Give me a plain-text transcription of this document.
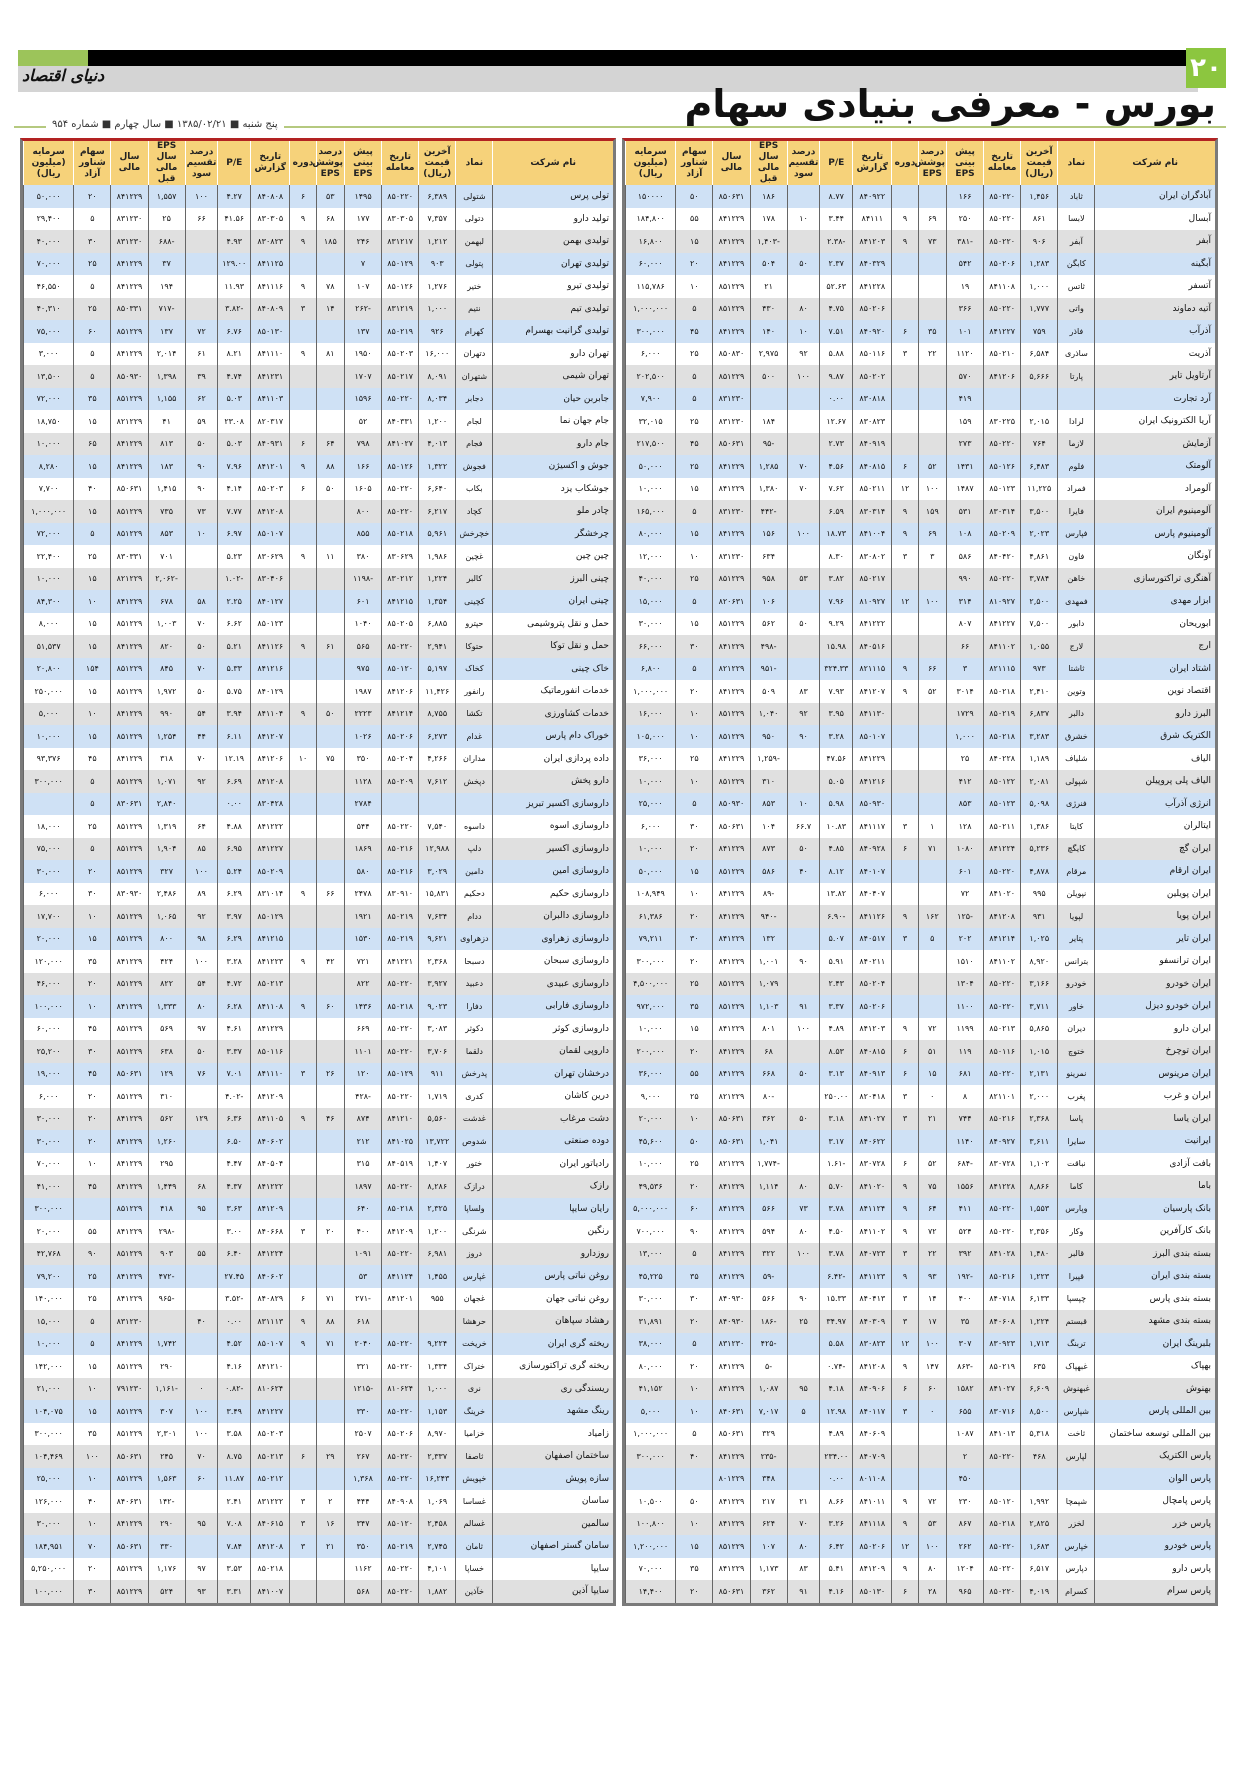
۲۰
دنیای اقتصاد
بورس - معرفی بنیادی سهام
پنج شنبه ■ ۱۳۸۵/۰۲/۲۱ ■ سال چهارم ■ شماره ۹۵۴
نام شرکت	نماد	آخرین قیمت (ریال)	تاریخ معامله	پیش بینی EPS	درصد پوشش EPS	دوره	تاریخ گزارش	P/E	درصد تقسیم سود	EPS سال مالی قبل	سال مالی	سهام شناور آزاد	سرمایه (میلیون ریال)
آبادگران ایران	ثاباد	۱,۴۵۶	۸۵۰۲۲۰	۱۶۶			۸۴۰۹۲۲	۸.۷۷		۱۸۶	۸۵۰۶۳۱	۵۰	۱۵۰۰۰۰
آبسال	لابسا	۸۶۱	۸۵۰۲۲۰	۲۵۰	۶۹	۹	۸۴۱۱۱	۳.۴۴	۱۰	۱۷۸	۸۴۱۲۲۹	۵۵	۱۸۴,۸۰۰
آبفر	آبفر	۹۰۶	۸۵۰۲۲۰	-۳۸۱	۷۳	۹	۸۴۱۲۰۳	-۲.۳۸		-۱,۴۰۳	۸۴۱۲۲۹	۱۵	۱۶,۸۰۰
آبگینه	کابگن	۱,۲۸۳	۸۵۰۲۰۶	۵۴۲			۸۴۰۳۲۹	۲.۳۷	۵۰	۵۰۴	۸۴۱۲۲۹	۲۰	۶۰,۰۰۰
آتسفر	ثاتس	۱,۰۰۰	۸۴۱۱۰۸	۱۹			۸۴۱۲۲۸	۵۲.۶۳		۲۱	۸۵۱۲۲۹	۱۰	۱۱۵,۷۸۶
آتیه دماوند	واتی	۱,۷۷۷	۸۵۰۲۲۰	۳۶۶			۸۵۰۲۰۶	۴.۷۵	۸۰	۴۳۰	۸۵۱۲۲۹	۵	۱,۰۰۰,۰۰۰
آذرآب	فاذر	۷۵۹	۸۴۱۲۲۷	۱۰۱	۳۵	۶	۸۴۰۹۲۰	۷.۵۱	۱۰	۱۴۰	۸۴۱۲۲۹	۴۵	۳۰۰,۰۰۰
آذریت	ساذری	۶,۵۸۴	۸۵۰۲۱۰	۱۱۲۰	۲۲	۳	۸۵۰۱۱۶	۵.۸۸	۹۲	۲,۹۷۵	۸۵۰۸۳۰	۲۵	۶,۰۰۰
آرتاویل تایر	پارتا	۵,۶۶۶	۸۴۱۲۰۶	۵۷۰			۸۵۰۲۰۲	۹.۸۷	۱۰۰	۵۰۰	۸۵۱۲۲۹	۵	۲۰۲,۵۰۰
آرد تجارت				۴۱۹			۸۳۰۸۱۸	۰.۰۰			۸۳۱۲۳۰	۵	۷,۹۰۰
آریا الکترونیک ایران	لرادا	۲,۰۱۵	۸۳۰۲۲۵	۱۵۹			۸۳۰۸۲۳	۱۲.۶۷		۱۸۴	۸۳۱۲۳۰	۲۵	۳۲,۰۱۵
آزمایش	لازما	۷۶۴	۸۵۰۲۲۰	۲۷۳			۸۴۰۹۱۹	۲.۷۳		-۹۵	۸۵۰۶۳۱	۴۵	۲۱۷,۵۰۰
آلومتک	فلوم	۶,۴۸۳	۸۵۰۱۲۶	۱۴۳۱	۵۲	۶	۸۴۰۸۱۵	۴.۵۶	۷۰	۱,۲۸۵	۸۴۱۲۲۹	۲۵	۵۰,۰۰۰
آلومراد	فمراد	۱۱,۲۲۵	۸۵۰۱۲۳	۱۴۸۷	۱۰۰	۱۲	۸۵۰۲۱۱	۷.۶۲	۷۰	۱,۳۸۰	۸۴۱۲۲۹	۱۵	۱۰,۰۰۰
آلومینیوم ایران	فایرا	۳,۵۰۰	۸۳۰۳۱۴	۵۳۱	۱۵۹	۹	۸۳۰۳۱۴	۶.۵۹		-۴۴۲	۸۳۱۲۳۰	۵	۱۶۵,۰۰۰
آلومینیوم پارس	فپارس	۲,۰۲۳	۸۵۰۲۰۹	۱۰۸	۶۹	۹	۸۴۱۰۰۴	۱۸.۷۳	۱۰۰	۱۵۶	۸۴۱۲۲۹	۱۵	۸۰,۰۰۰
آونگان	فاون	۴,۸۶۱	۸۴۰۴۲۰	۵۸۶	۳	۳	۸۳۰۸۰۲	۸.۳۰		۶۳۴	۸۳۱۲۳۰	۱۰	۱۲,۰۰۰
آهنگری تراکتورسازی	خاهن	۳,۷۸۴	۸۵۰۲۲۰	۹۹۰			۸۵۰۲۱۷	۳.۸۲	۵۳	۹۵۸	۸۵۱۲۲۹	۲۵	۴۰,۰۰۰
ابزار مهدی	فمهدی	۲,۵۰۰	۸۱۰۹۲۷	۳۱۴	۱۰۰	۱۲	۸۱۰۹۲۷	۷.۹۶		۱۰۶	۸۲۰۶۳۱	۵	۱۵,۰۰۰
ابوریحان	دابور	۷,۵۰۰	۸۴۱۲۲۷	۸۰۷			۸۴۱۲۲۲	۹.۲۹	۵۰	۵۶۲	۸۵۱۲۲۹	۱۵	۳۰,۰۰۰
ارج	لارج	۱,۰۵۵	۸۴۱۱۰۲	۶۶			۸۴۰۵۱۶	۱۵.۹۸		-۴۹۸	۸۴۱۲۲۹	۳۰	۶۶,۰۰۰
اشتاد ایران	ثاشتا	۹۷۳	۸۲۱۱۱۵	۳	۶۶	۹	۸۲۱۱۱۵	۳۲۴.۳۳		-۹۵۱	۸۲۱۲۲۹	۵	۶,۸۰۰
اقتصاد نوین	وتوین	۲,۴۱۰	۸۵۰۲۱۸	۳۰۱۴	۵۲	۹	۸۴۱۲۰۷	۷.۹۳	۸۳	۵۰۹	۸۴۱۲۲۹	۲۰	۱,۰۰۰,۰۰۰
البرز دارو	دالبر	۶,۸۳۷	۸۵۰۲۱۹	۱۷۲۹			۸۴۱۱۳۰	۳.۹۵	۹۲	۱,۰۴۰	۸۵۱۲۲۹	۱۰	۱۶,۰۰۰
الکتریک شرق	خشرق	۳,۲۸۳	۸۵۰۲۱۸	۱,۰۰۰			۸۵۰۱۰۷	۳.۲۸	۹۰	۹۵۰	۸۵۱۲۲۹	۱۰	۱۰۵,۰۰۰
الیاف	شلیاف	۱,۱۸۹	۸۴۰۲۲۸	۲۵			۸۴۱۲۲۹	۴۷.۵۶		-۱,۲۵۹	۸۴۱۲۲۹	۲۵	۳۶,۰۰۰
الیاف پلی پروپیلن	شپولی	۲,۰۸۱	۸۵۰۱۲۲	۴۱۲			۸۴۱۲۱۶	۵.۰۵		۳۱۰	۸۵۱۲۲۹	۱۰	۱۰,۰۰۰
انرژی آذرآب	فنرژی	۵,۰۹۸	۸۵۰۱۲۳	۸۵۳			۸۵۰۹۳۰	۵.۹۸	۱۰	۸۵۳	۸۵۰۹۳۰	۵	۲۵,۰۰۰
ایتالران	کایتا	۱,۳۸۶	۸۵۰۲۱۱	۱۲۸	۱	۳	۸۴۱۱۱۷	۱۰.۸۳	۶۶.۷	۱۰۴	۸۵۰۶۳۱	۳۰	۶,۰۰۰
ایران گچ	کایگچ	۵,۲۳۶	۸۴۱۲۲۴	۱۰۸۰	۷۱	۶	۸۴۰۹۲۸	۴.۸۵	۵۰	۸۷۳	۸۴۱۲۲۹	۲۰	۱۰,۰۰۰
ایران ارقام	مرقام	۴,۸۷۸	۸۵۰۲۲۰	۶۰۱			۸۴۰۱۰۷	۸.۱۲	۴۰	۵۸۶	۸۵۱۲۲۹	۱۵	۵۰,۰۰۰
ایران پویلین	نپویلن	۹۹۵	۸۴۱۰۲۰	۷۲			۸۴۰۴۰۷	۱۳.۸۲		-۸۹	۸۴۱۲۲۹	۱۰	۱۰۸,۹۴۹
ایران پویا	لپویا	۹۳۱	۸۴۱۲۰۸	-۱۲۵	۱۶۲	۹	۸۴۱۱۲۶	-۶.۹۰		-۹۴۰	۸۴۱۲۲۹	۲۰	۶۱,۳۸۶
ایران تایر	پتایر	۱,۰۲۵	۸۴۱۲۱۴	۲۰۲	۵	۳	۸۴۰۵۱۷	۵.۰۷		۱۳۲	۸۴۱۲۲۹	۳۰	۷۹,۲۱۱
ایران ترانسفو	بترانس	۸,۹۲۰	۸۴۱۱۰۲	۱۵۱۰			۸۴۰۲۱۱	۵.۹۱	۹۰	۱,۰۰۱	۸۴۱۲۲۹	۲۰	۳۰۰,۰۰۰
ایران خودرو	خودرو	۳,۱۶۶	۸۵۰۲۲۰	۱۳۰۴			۸۵۰۲۰۴	۲.۴۳		۱,۰۷۹	۸۵۱۲۲۹	۲۵	۴,۵۰۰,۰۰۰
ایران خودرو دیزل	خاور	۳,۷۱۱	۸۵۰۲۲۰	۱۱۰۰			۸۵۰۲۰۶	۳.۳۷	۹۱	۱,۱۰۳	۸۵۱۲۲۹	۳۵	۹۷۲,۰۰۰
ایران دارو	دیران	۵,۸۶۵	۸۵۰۲۱۳	۱۱۹۹	۷۲	۹	۸۴۱۲۰۳	۴.۸۹	۱۰۰	۸۰۱	۸۴۱۲۲۹	۱۵	۱۰,۰۰۰
ایران توچرخ	ختوچ	۱,۰۱۵	۸۵۰۱۱۶	۱۱۹	۵۱	۶	۸۴۰۸۱۵	۸.۵۳		۶۸	۸۴۱۲۲۹	۲۰	۲۰۰,۰۰۰
ایران مرینوس	نمرینو	۲,۱۳۱	۸۵۰۲۲۰	۶۸۱	۱۵	۶	۸۴۰۹۱۳	۳.۱۳	۵۰	۶۶۸	۸۴۱۲۲۹	۵۵	۳۶,۰۰۰
ایران و غرب	پغرب	۲,۰۰۰	۸۲۱۱۰۱	۸	۰	۳	۸۲۰۴۱۸	۲۵۰.۰۰		-۸۰	۸۲۱۲۲۹	۲۵	۹,۰۰۰
ایران یاسا	پاسا	۲,۳۶۸	۸۵۰۲۱۶	۷۴۴	۲۱	۳	۸۴۱۰۲۷	۳.۱۸	۵۰	۳۶۲	۸۵۰۶۳۱	۱۰	۲۰,۰۰۰
ایرانیت	سایرا	۳,۶۱۱	۸۴۰۹۲۷	۱۱۴۰			۸۴۰۶۲۲	۳.۱۷		۱,۰۴۱	۸۵۰۶۳۱	۵۰	۴۵,۶۰۰
بافت آزادی	نباقت	۱,۱۰۲	۸۳۰۷۲۸	-۶۸۴	۵۲	۶	۸۳۰۷۲۸	-۱.۶۱		-۱,۷۷۴	۸۲۱۲۲۹	۲۵	۱۰,۰۰۰
باما	کاما	۸,۸۶۶	۸۴۱۲۲۸	۱۵۵۶	۷۵	۹	۸۴۱۰۲۰	۵.۷۰	۸۰	۱,۱۱۴	۸۴۱۲۲۹	۲۰	۴۹,۵۳۶
بانک پارسیان	وپارس	۱,۵۵۳	۸۵۰۲۲۰	۴۱۱	۶۴	۹	۸۴۱۱۲۴	۳.۷۸	۷۳	۵۶۶	۸۴۱۲۲۹	۶۰	۵,۰۰۰,۰۰۰
بانک کارآفرین	وکار	۲,۳۵۶	۸۵۰۲۲۰	۵۲۴	۷۲	۹	۸۴۱۱۰۲	۴.۵۰	۸۰	۵۹۴	۸۴۱۲۲۹	۹۰	۷۰۰,۰۰۰
بسته بندی البرز	قالبر	۱,۴۸۰	۸۴۱۰۲۸	۳۹۲	۲۲	۳	۸۴۰۷۲۳	۳.۷۸	۱۰۰	۳۲۲	۸۴۱۲۲۹	۵	۱۳,۰۰۰
بسته بندی ایران	قپیرا	۱,۲۲۳	۸۵۰۲۱۶	-۱۹۲	۹۳	۹	۸۴۱۱۲۳	-۶.۴۲		-۵۹	۸۴۱۲۲۹	۳۵	۴۵,۲۲۵
بسته بندی پارس	چپسپا	۶,۱۳۳	۸۴۰۷۱۸	۴۰۰	۱۴	۳	۸۴۰۴۱۳	۱۵.۳۳	۹۰	۵۶۶	۸۴۰۹۳۰	۳۰	۳۰,۰۰۰
بسته بندی مشهد	قبستم	۱,۲۲۴	۸۴۰۶۰۸	۳۵	۱۷	۳	۸۴۰۳۰۹	۳۴.۹۷	۲۵	-۱۸۶	۸۴۰۹۳۰	۲۰	۳۱,۸۹۱
بلبرینگ ایران	تربنگ	۱,۷۱۳	۸۳۰۹۲۳	۳۰۷	۱۰۰	۱۲	۸۳۰۸۲۳	۵.۵۸		-۴۲۵	۸۳۱۲۳۰	۵	۳۸,۰۰۰
بهپاک	غبهپاک	۶۳۵	۸۵۰۲۱۹	-۸۶۳	۱۴۷	۹	۸۴۱۲۰۸	-۰.۷۴		-۵	۸۴۱۲۲۹	۲۰	۸۰,۰۰۰
بهنوش	غبهنوش	۶,۶۰۹	۸۴۱۰۲۷	۱۵۸۲	۶۰	۶	۸۴۰۹۰۶	۴.۱۸	۹۵	۱,۰۸۷	۸۴۱۲۲۹	۱۰	۴۱,۱۵۲
بین المللی پارس	شپارس	۸,۵۰۰	۸۳۰۷۱۶	۶۵۵	۰	۳	۸۴۰۱۱۷	۱۲.۹۸	۵	۷,۰۱۷	۸۴۰۶۳۱	۱۰	۵,۰۰۰
بین المللی توسعه ساختمان	ثاخت	۵,۳۱۸	۸۴۱۰۱۳	۱۰۸۷			۸۴۰۶۰۹	۴.۸۹		۳۲۹	۸۵۰۶۳۱	۵	۱,۰۰۰,۰۰۰
پارس الکتریک	لپارس	۴۶۸	۸۵۰۲۲۰	۲			۸۴۰۷۰۹	۲۳۴.۰۰		-۲۳۵	۸۴۱۲۲۹	۴۰	۳۰۰,۰۰۰
پارس الوان				۴۵۰			۸۰۱۱۰۸	۰.۰۰		۳۴۸	۸۰۱۲۲۹		
پارس پامچال	شپمچا	۱,۹۹۲	۸۵۰۱۲۰	۲۳۰	۷۲	۹	۸۴۱۰۱۱	۸.۶۶	۲۱	۲۱۷	۸۴۱۲۲۹	۵۰	۱۰,۵۰۰
پارس خزر	لخزر	۲,۸۲۵	۸۵۰۲۱۸	۸۶۷	۵۳	۹	۸۴۱۱۱۸	۳.۲۶	۷۰	۶۲۴	۸۴۱۲۲۹	۱۰	۱۰۰,۸۰۰
پارس خودرو	خپارس	۱,۶۸۳	۸۵۰۲۲۰	۲۶۲	۱۰۰	۱۲	۸۵۰۲۰۶	۶.۴۲	۸۰	۱۰۷	۸۵۱۲۲۹	۱۵	۱,۲۰۰,۰۰۰
پارس دارو	دپارس	۶,۵۱۷	۸۵۰۲۲۰	۱۲۰۴	۸۰	۹	۸۴۱۲۰۹	۵.۴۱	۸۳	۱,۱۷۳	۸۴۱۲۲۹	۳۵	۷۰,۰۰۰
پارس سرام	کسرام	۴,۰۱۹	۸۵۰۲۲۰	۹۶۵	۲۸	۶	۸۵۰۱۳۰	۴.۱۶	۹۱	۳۶۲	۸۵۰۶۳۱	۲۰	۱۴,۴۰۰
نام شرکت	نماد	آخرین قیمت (ریال)	تاریخ معامله	پیش بینی EPS	درصد پوشش EPS	دوره	تاریخ گزارش	P/E	درصد تقسیم سود	EPS سال مالی قبل	سال مالی	سهام شناور آزاد	سرمایه (میلیون ریال)
تولی پرس	شتولی	۶,۳۸۹	۸۵۰۲۲۰	۱۴۹۵	۵۳	۶	۸۴۰۸۰۸	۴.۲۷	۱۰۰	۱,۵۵۷	۸۴۱۲۲۹	۲۰	۵۰,۰۰۰
تولید دارو	دتولی	۷,۳۵۷	۸۳۰۳۰۵	۱۷۷	۶۸	۹	۸۳۰۳۰۵	۴۱.۵۶	۶۶	۲۵	۸۳۱۲۳۰	۵	۲۹,۴۰۰
تولیدی بهمن	لبهمن	۱,۲۱۲	۸۳۱۲۱۷	۲۴۶	۱۸۵	۹	۸۳۰۸۲۳	۴.۹۳		-۶۸۸	۸۳۱۲۳۰	۳۰	۴۰,۰۰۰
تولیدی تهران	پتولی	۹۰۳	۸۵۰۱۲۹	۷			۸۴۱۱۲۵	۱۲۹.۰۰		۳۷	۸۴۱۲۲۹	۲۵	۷۰,۰۰۰
تولیدی تیرو	ختیر	۱,۲۷۶	۸۵۰۱۲۶	۱۰۷	۷۸	۹	۸۴۱۱۱۶	۱۱.۹۳		۱۹۴	۸۴۱۲۲۹	۵	۴۶,۵۵۰
تولیدی تیم	نتیم	۱,۰۰۰	۸۳۱۲۱۹	-۲۶۲	۱۴	۳	۸۴۰۸۰۹	-۳.۸۲		-۷۱۷	۸۵۰۳۳۱	۲۵	۴۰,۳۱۰
تولیدی گرانیت بهسرام	کهرام	۹۲۶	۸۵۰۲۱۹	۱۳۷			۸۵۰۱۳۰	۶.۷۶	۷۲	۱۳۷	۸۵۱۲۲۹	۶۰	۷۵,۰۰۰
تهران دارو	دتهران	۱۶,۰۰۰	۸۵۰۲۰۳	۱۹۵۰	۸۱	۹	۸۴۱۱۱۰	۸.۲۱	۶۱	۲,۰۱۴	۸۴۱۲۲۹	۵	۳,۰۰۰
تهران شیمی	شتهران	۸,۰۹۱	۸۵۰۲۱۷	۱۷۰۷			۸۴۱۲۳۱	۴.۷۴	۳۹	۱,۳۹۸	۸۵۰۹۳۰	۵	۱۳,۵۰۰
جابربن حیان	دجابر	۸,۰۳۴	۸۵۰۲۲۰	۱۵۹۶			۸۴۱۱۰۳	۵.۰۳	۶۲	۱,۱۵۵	۸۵۱۲۲۹	۳۵	۷۲,۰۰۰
جام جهان نما	لجام	۱,۲۰۰	۸۴۰۳۳۱	۵۲			۸۲۰۳۱۷	۲۳.۰۸	۵۹	۴۱	۸۲۱۲۲۹	۱۵	۱۸,۷۵۰
جام دارو	فجام	۴,۰۱۳	۸۴۱۰۲۷	۷۹۸	۶۴	۶	۸۴۰۹۳۱	۵.۰۳	۵۰	۸۱۳	۸۴۱۲۲۹	۶۵	۱۰,۰۰۰
جوش و اکسیژن	فجوش	۱,۳۲۲	۸۵۰۱۲۶	۱۶۶	۸۸	۹	۸۴۱۲۰۱	۷.۹۶	۹۰	۱۸۳	۸۴۱۲۲۹	۱۵	۸,۲۸۰
جوشکاب یزد	بکاب	۶,۶۴۰	۸۵۰۲۲۰	۱۶۰۵	۵۰	۶	۸۵۰۲۰۳	۴.۱۴	۹۰	۱,۴۱۵	۸۵۰۶۳۱	۴۰	۷,۷۰۰
چادر ملو	کچاد	۶,۲۱۷	۸۵۰۲۲۰	۸۰۰			۸۴۱۲۰۸	۷.۷۷	۷۳	۷۳۵	۸۵۱۲۲۹	۱۵	۱,۰۰۰,۰۰۰
چرخشگر	خچرخش	۵,۹۶۱	۸۵۰۲۱۸	۸۵۵			۸۵۰۱۰۷	۶.۹۷	۱۰	۸۵۳	۸۵۱۲۲۹	۵	۷۲,۰۰۰
چین چین	غچین	۱,۹۸۶	۸۳۰۶۲۹	۳۸۰	۱۱	۹	۸۳۰۶۲۹	۵.۲۳		۷۰۱	۸۳۰۳۳۱	۲۵	۲۲,۴۰۰
چینی البرز	کالبر	۱,۲۲۴	۸۳۰۲۱۲	-۱۱۹۸			۸۳۰۴۰۶	-۱.۰۲		-۲,۰۶۲	۸۲۱۲۲۹	۱۵	۱۰,۰۰۰
چینی ایران	کچینی	۱,۳۵۴	۸۴۱۲۱۵	۶۰۱			۸۴۰۱۲۷	۲.۲۵	۵۸	۶۷۸	۸۴۱۲۲۹	۱۰	۸۴,۳۰۰
حمل و نقل پتروشیمی	حپترو	۶,۸۸۵	۸۵۰۲۰۵	۱۰۴۰			۸۵۰۱۲۳	۶.۶۲	۷۰	۱,۰۰۳	۸۵۱۲۲۹	۱۵	۸,۰۰۰
حمل و نقل توکا	حتوکا	۲,۹۴۱	۸۵۰۲۲۰	۵۶۵	۶۱	۹	۸۴۱۱۲۶	۵.۲۱	۵۰	۸۲۰	۸۴۱۲۲۹	۱۵	۵۱,۵۳۷
خاک چینی	کخاک	۵,۱۹۷	۸۵۰۱۲۰	۹۷۵			۸۴۱۲۱۶	۵.۳۳	۷۰	۸۴۵	۸۵۱۲۲۹	۱۵۴	۲۰,۸۰۰
خدمات انفورماتیک	رانفور	۱۱,۴۲۶	۸۴۱۲۰۶	۱۹۸۷			۸۴۰۱۲۹	۵.۷۵	۵۰	۱,۹۷۲	۸۵۱۲۲۹	۱۵	۲۵۰,۰۰۰
خدمات کشاورزی	تکشا	۸,۷۵۵	۸۴۱۲۱۴	۲۲۲۳	۵۰	۹	۸۴۱۱۰۴	۳.۹۴	۵۴	۹۹۰	۸۴۱۲۲۹	۱۰	۵,۰۰۰
خوراک دام پارس	غدام	۶,۲۷۳	۸۵۰۲۰۶	۱۰۲۶			۸۴۱۲۰۷	۶.۱۱	۴۴	۱,۲۵۴	۸۵۱۲۲۹	۱۵	۱۰,۰۰۰
داده پردازی ایران	مداران	۴,۲۶۶	۸۵۰۲۰۴	۳۵۰	۷۵	۱۰	۸۴۱۲۰۶	۱۲.۱۹	۷۰	۳۱۸	۸۴۱۲۲۹	۴۵	۹۳,۳۷۶
دارو پخش	دپخش	۷,۶۱۲	۸۵۰۲۰۹	۱۱۲۸			۸۴۱۲۰۸	۶.۶۹	۹۲	۱,۰۷۱	۸۵۱۲۲۹	۵	۳۰۰,۰۰۰
داروسازی اکسیر تبریز				۲۷۸۴			۸۳۰۴۲۸	۰.۰۰		۲,۸۴۰	۸۳۰۶۳۱	۵	
داروسازی اسوه	داسوه	۷,۵۴۰	۸۵۰۲۲۰	۵۴۴			۸۴۱۲۲۲	۴.۸۸	۶۴	۱,۳۱۹	۸۵۱۲۲۹	۲۵	۱۸,۰۰۰
داروسازی اکسیر	دلپ	۱۲,۹۸۸	۸۵۰۲۱۶	۱۸۶۹			۸۴۱۲۲۷	۶.۹۵	۸۵	۱,۹۰۴	۸۵۱۲۲۹	۵	۷۵,۰۰۰
داروسازی امین	دامین	۳,۰۲۹	۸۵۰۲۱۶	۵۸۰			۸۵۰۲۰۹	۵.۲۴	۱۰۰	۳۲۷	۸۵۱۲۲۹	۲۰	۳۰,۰۰۰
داروسازی حکیم	دحکیم	۱۵,۸۳۱	۸۳۰۹۱۰	۲۴۷۸	۶۶	۹	۸۳۱۰۱۴	۶.۲۹	۸۹	۲,۴۸۶	۸۳۰۹۳۰	۳۰	۶,۰۰۰
داروسازی دالبران	ددام	۷,۶۳۴	۸۵۰۲۱۹	۱۹۲۱			۸۵۰۱۲۹	۳.۹۷	۹۲	۱,۰۶۵	۸۵۱۲۲۹	۱۰	۱۷,۷۰۰
داروسازی زهراوی	دزهراوی	۹,۶۲۱	۸۵۰۲۱۹	۱۵۳۰			۸۴۱۲۱۵	۶.۲۹	۹۸	۸۰۰	۸۵۱۲۲۹	۱۵	۲۰,۰۰۰
داروسازی سبحان	دسبحا	۲,۳۶۸	۸۴۱۲۲۱	۷۲۱	۴۲	۹	۸۴۱۲۲۳	۳.۲۸	۱۰۰	۴۲۴	۸۴۱۲۲۹	۳۵	۱۲۰,۰۰۰
داروسازی عبیدی	دعبید	۳,۹۲۷	۸۵۰۲۲۰	۸۲۲			۸۵۰۲۱۳	۴.۷۲	۵۴	۸۲۲	۸۵۱۲۲۹	۲۰	۴۶,۰۰۰
داروسازی فارابی	دفارا	۹,۰۲۳	۸۵۰۲۱۸	۱۴۳۶	۶۰	۹	۸۴۱۱۰۸	۶.۲۸	۸۰	۱,۳۳۳	۸۴۱۲۲۹	۱۰	۱۰۰,۰۰۰
داروسازی کوثر	دکوثر	۳,۰۸۳	۸۵۰۲۲۰	۶۶۹			۸۴۱۲۲۹	۴.۶۱	۹۷	۵۶۹	۸۵۱۲۲۹	۴۵	۶۰,۰۰۰
داروپی لقمان	دلقما	۳,۷۰۶	۸۵۰۲۲۰	۱۱۰۱			۸۵۰۱۱۶	۳.۳۷	۵۰	۶۳۸	۸۵۱۲۲۹	۳۰	۲۵,۲۰۰
درخشان تهران	پدرخش	۹۱۱	۸۵۰۱۲۹	۱۲۰	۲۶	۳	۸۴۱۱۱۰	۷.۰۱	۷۶	۱۲۹	۸۵۰۶۳۱	۴۵	۱۹,۰۰۰
درین کاشان	کدری	۱,۷۱۹	۸۵۰۲۲۰	-۴۲۸			۸۴۱۲۰۹	-۴.۰۲		۳۱۰	۸۵۱۲۲۹	۲۰	۶,۰۰۰
دشت مرغاب	غدشت	۵,۵۶۰	۸۴۱۲۱۰	۸۷۴	۴۶	۹	۸۴۱۱۰۵	۶.۳۶	۱۲۹	۵۶۲	۸۴۱۲۲۹	۲۰	۳۰,۰۰۰
دوده صنعتی	شدوص	۱۳,۷۲۲	۸۴۱۰۲۵	۲۱۲			۸۴۰۶۰۲	۶.۵۰		۱,۲۶۰	۸۴۱۲۲۹	۲۰	۳۰,۰۰۰
رادیاتور ایران	ختور	۱,۴۰۷	۸۴۰۵۱۹	۳۱۵			۸۴۰۵۰۴	۴.۴۷		۲۹۵	۸۴۱۲۲۹	۱۰	۷۰,۰۰۰
رازک	درازک	۸,۲۸۶	۸۵۰۲۲۰	۱۸۹۷			۸۴۱۲۲۲	۴.۳۷	۶۸	۱,۴۴۹	۸۴۱۲۲۹	۴۵	۴۱,۰۰۰
رایان سایپا	ولساپا	۲,۳۲۵	۸۵۰۲۱۸	۶۴۰			۸۴۱۲۰۹	۳.۶۳	۹۵	۴۱۸	۸۵۱۲۲۹		۳۰۰,۰۰۰
رنگین	شرنگی	۱,۲۰۰	۸۴۱۲۰۹	۴۰۰	۲۰	۳	۸۴۰۶۶۸	۳.۰۰		-۲۹۸	۸۴۱۲۲۹	۵۵	۲۰,۰۰۰
روزدارو	دروز	۶,۹۸۱	۸۵۰۲۲۰	۱۰۹۱			۸۴۱۲۲۴	۶.۴۰	۵۵	۹۰۳	۸۵۱۲۲۹	۹۰	۴۲,۷۶۸
روغن نباتی پارس	غپارس	۱,۴۵۵	۸۴۱۱۲۴	۵۳			۸۴۰۶۰۲	۲۷.۴۵		-۴۷۲	۸۴۱۲۲۹	۲۵	۷۹,۲۰۰
روغن نباتی جهان	غجهان	۹۵۵	۸۴۱۲۰۱	-۲۷۱	۷۱	۶	۸۴۰۸۲۹	-۳.۵۲		-۹۶۵	۸۴۱۲۲۹	۲۵	۱۴۰,۰۰۰
رهشاد سپاهان	حرهشا			۶۱۸	۸۸	۹	۸۳۱۱۱۳	۰.۰۰	۴۰		۸۳۱۲۳۰	۵	۱۵,۰۰۰
ریخته گری ایران	خریخت	۹,۲۲۴	۸۵۰۲۲۰	۲۰۴۰	۷۱	۹	۸۵۰۱۰۷	۴.۵۲		۱,۷۴۲	۸۴۱۲۲۹	۵	۱۰,۰۰۰
ریخته گری تراکتورسازی	ختراک	۱,۳۳۴	۸۵۰۲۲۰	۳۲۱			۸۴۱۲۱۰	۴.۱۶		۲۹۰	۸۵۱۲۲۹	۱۵	۱۴۲,۰۰۰
ریسندگی ری	نری	۱,۰۰۰	۸۱۰۶۲۴	-۱۲۱۵			۸۱۰۶۲۴	-۰.۸۲	۰	-۱,۱۶۱	۷۹۱۲۳۰	۱۰	۲۱,۰۰۰
رینگ مشهد	خرینگ	۱,۱۵۳	۸۵۰۲۲۰	۳۳۰			۸۴۱۲۲۷	۳.۴۹	۱۰۰	۳۰۷	۸۵۱۲۲۹	۱۵	۱۰۴,۰۷۵
زامیاد	خزامیا	۸,۹۷۰	۸۵۰۲۰۶	۲۵۰۷			۸۵۰۲۰۳	۳.۵۸	۱۰۰	۲,۳۰۱	۸۵۱۲۲۹	۳۵	۳۰۰,۰۰۰
ساختمان اصفهان	ثاصفا	۲,۳۳۷	۸۵۰۲۲۰	۲۶۷	۲۹	۶	۸۵۰۲۱۳	۸.۷۵	۷۰	۲۴۵	۸۵۰۶۳۱	۱۰۰	۱۰۴,۴۶۹
سازه پویش	خپویش	۱۶,۲۴۳	۸۵۰۲۲۰	۱,۳۶۸			۸۵۰۲۱۲	۱۱.۸۷	۶۰	۱,۵۶۳	۸۵۱۲۲۹	۱۰	۲۵,۰۰۰
ساسان	غساسا	۱,۰۶۹	۸۴۰۹۰۸	۴۴۴	۲	۳	۸۳۱۲۲۲	۲.۴۱		-۱۴۲	۸۴۰۶۳۱	۴۰	۱۲۶,۰۰۰
سالمین	غسالم	۲,۴۵۸	۸۵۰۱۲۰	۳۴۷	۱۶	۳	۸۴۰۶۱۵	۷.۰۸	۹۵	۲۹۰	۸۴۱۲۲۹	۱۰	۳۰,۰۰۰
سامان گستر اصفهان	ثامان	۲,۷۴۵	۸۵۰۲۱۹	۳۵۰	۲۱	۳	۸۴۱۲۰۸	۷.۸۴		۳۳۰	۸۵۰۶۳۱	۷۰	۱۸۴,۹۵۱
سایپا	خساپا	۴,۱۰۱	۸۵۰۲۲۰	۱۱۶۲			۸۵۰۲۱۸	۳.۵۳	۹۷	۱,۱۷۶	۸۵۱۲۲۹	۲۰	۵,۲۵۰,۰۰۰
سایپا آذین	خآذین	۱,۸۸۲	۸۵۰۲۲۰	۵۶۸			۸۴۱۰۰۷	۳.۳۱	۹۳	۵۲۴	۸۵۱۲۲۹	۳۰	۱۰۰,۰۰۰
